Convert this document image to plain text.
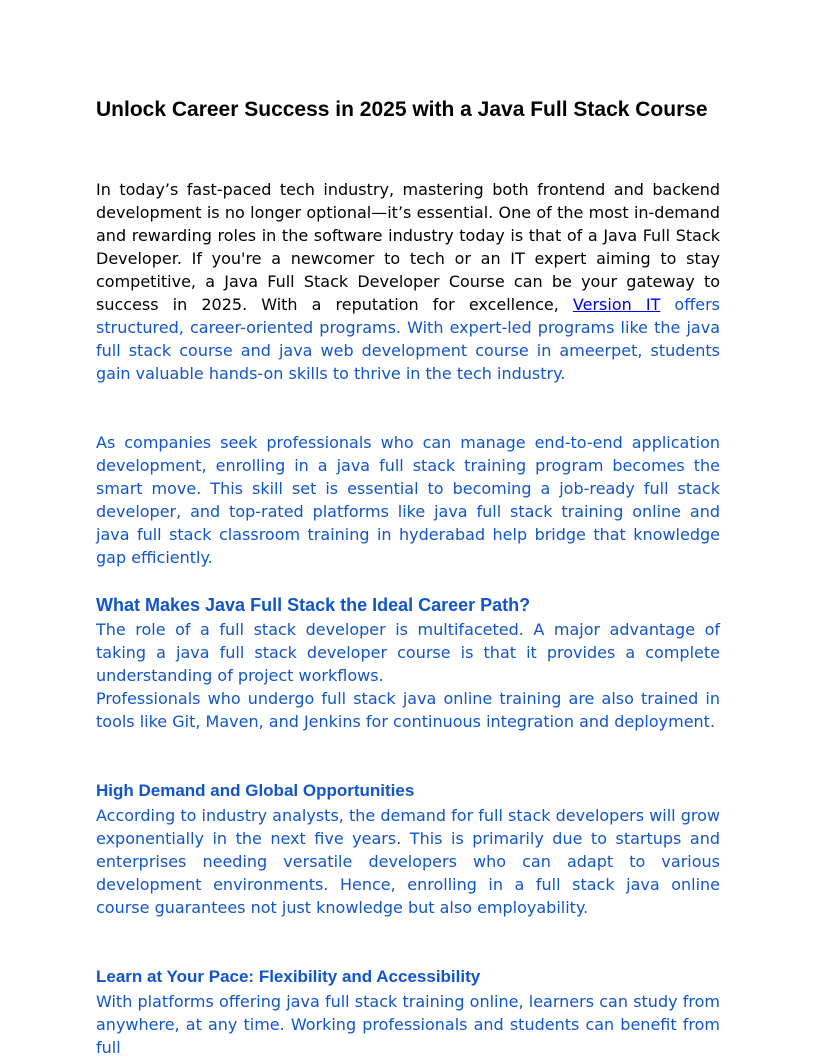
Unlock Career Success in 2025 with a Java Full Stack Course

In today’s fast-paced tech industry, mastering both frontend and backend development is no longer optional—it’s essential. One of the most in-demand and rewarding roles in the software industry today is that of a Java Full Stack Developer. If you're a newcomer to tech or an IT expert aiming to stay competitive, a Java Full Stack Developer Course can be your gateway to success in 2025. With a reputation for excellence, Version IT offers structured, career-oriented programs. With expert-led programs like the java full stack course and java web development course in ameerpet, students gain valuable hands-on skills to thrive in the tech industry.

As companies seek professionals who can manage end-to-end application development, enrolling in a java full stack training program becomes the smart move. This skill set is essential to becoming a job-ready full stack developer, and top-rated platforms like java full stack training online and java full stack classroom training in hyderabad help bridge that knowledge gap efficiently.

What Makes Java Full Stack the Ideal Career Path?

The role of a full stack developer is multifaceted. A major advantage of taking a java full stack developer course is that it provides a complete understanding of project workflows.

Professionals who undergo full stack java online training are also trained in tools like Git, Maven, and Jenkins for continuous integration and deployment.

High Demand and Global Opportunities

According to industry analysts, the demand for full stack developers will grow exponentially in the next five years. This is primarily due to startups and enterprises needing versatile developers who can adapt to various development environments. Hence, enrolling in a full stack java online course guarantees not just knowledge but also employability.

Learn at Your Pace: Flexibility and Accessibility

With platforms offering java full stack training online, learners can study from anywhere, at any time. Working professionals and students can benefit from full
